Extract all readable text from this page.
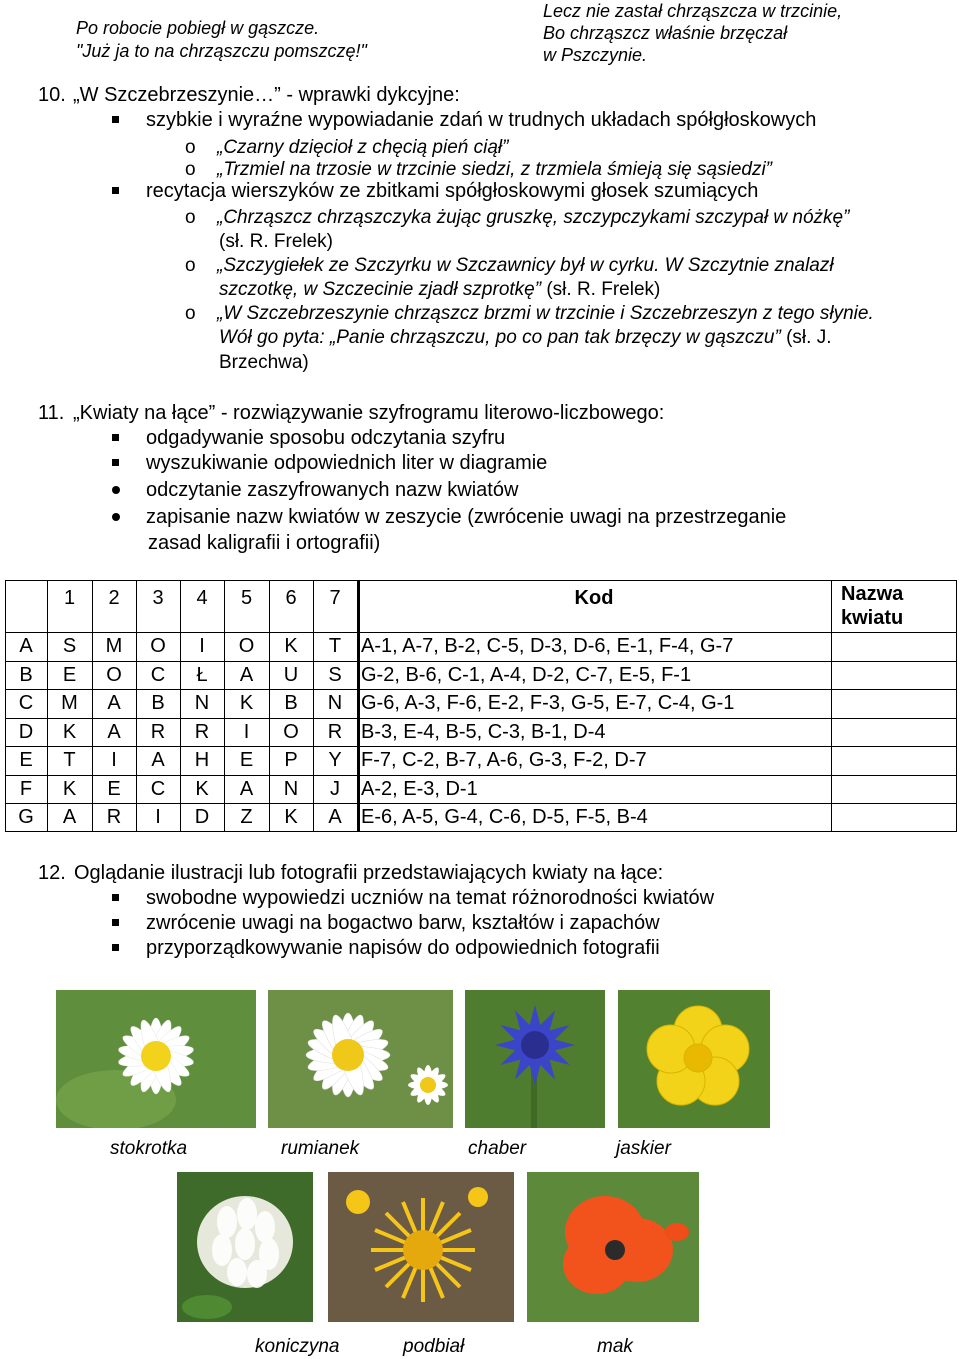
Po robocie pobiegł w gąszcze.
"Już ja to na chrząszczu pomszczę!"
Lecz nie zastał chrząszcza w trzcinie,
Bo chrząszcz właśnie brzęczał
w Pszczynie.
10. „W Szczebrzeszynie…” - wprawki dykcyjne:
szybkie i wyraźne wypowiadanie zdań w trudnych układach spółgłoskowych
o „Czarny dzięcioł z chęcią pień ciął”
o „Trzmiel na trzosie w trzcinie siedzi, z trzmiela śmieją się sąsiedzi”
recytacja wierszyków ze zbitkami spółgłoskowymi głosek szumiących
o „Chrząszcz chrząszczyka żując gruszkę, szczypczykami szczypał w nóżkę”
(sł. R. Frelek)
o „Szczygiełek ze Szczyrku w Szczawnicy był w cyrku. W Szczytnie znalazł
szczotkę, w Szczecinie zjadł szprotkę” (sł. R. Frelek)
o „W Szczebrzeszynie chrząszcz brzmi w trzcinie i Szczebrzeszyn z tego słynie.
Wół go pyta: „Panie chrząszczu, po co pan tak brzęczy w gąszczu” (sł. J.
Brzechwa)
11. „Kwiaty na łące” - rozwiązywanie szyfrogramu literowo-liczbowego:
odgadywanie sposobu odczytania szyfru
wyszukiwanie odpowiednich liter w diagramie
odczytanie zaszyfrowanych nazw kwiatów
zapisanie nazw kwiatów w zeszycie (zwrócenie uwagi na przestrzeganie
zasad kaligrafii i ortografii)
1	2	3	4	5	6	7	Kod	Nazwa
kwiatu
A	S	M	O	I	O	K	T A-1, A-7, B-2, C-5, D-3, D-6, E-1, F-4, G-7
B	E	O	C	Ł	A	U	S G-2, B-6, C-1, A-4, D-2, C-7, E-5, F-1
C	M	A	B	N	K	B	N G-6, A-3, F-6, E-2, F-3, G-5, E-7, C-4, G-1
D	K	A	R	R	I	O	R B-3, E-4, B-5, C-3, B-1, D-4
E	T	I	A	H	E	P	Y F-7, C-2, B-7, A-6, G-3, F-2, D-7
F	K	E	C	K	A	N	J	A-2, E-3, D-1
G	A	R	I	D	Z	K	A E-6, A-5, G-4, C-6, D-5, F-5, B-4
12. Oglądanie ilustracji lub fotografii przedstawiających kwiaty na łące:
swobodne wypowiedzi uczniów na temat różnorodności kwiatów
zwrócenie uwagi na bogactwo barw, kształtów i zapachów
przyporządkowywanie napisów do odpowiednich fotografii
stokrotka	rumianek	chaber	jaskier
koniczyna	podbiał	mak
